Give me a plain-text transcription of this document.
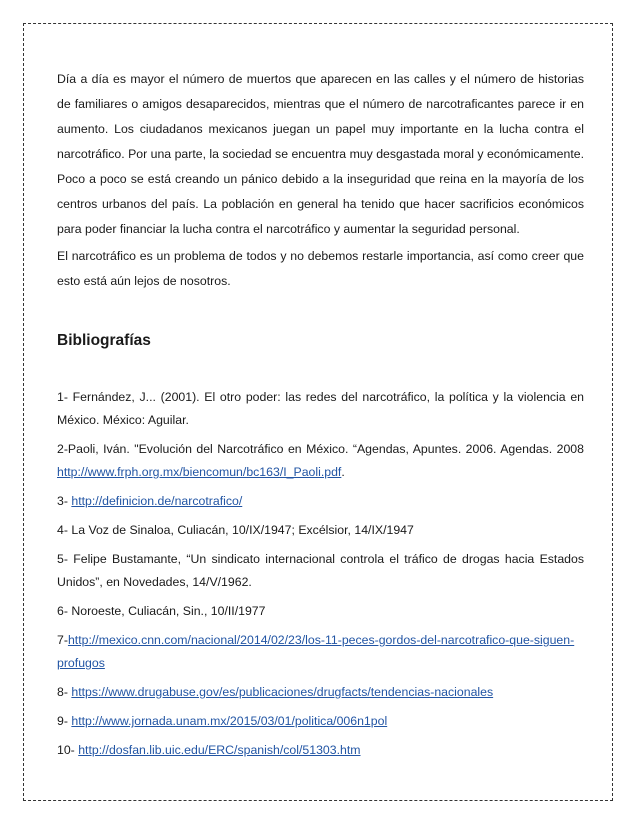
Día a día es mayor el número de muertos que aparecen en las calles y el número de historias de familiares o amigos desaparecidos, mientras que el número de narcotraficantes parece ir en aumento. Los ciudadanos mexicanos juegan un papel muy importante en la lucha contra el narcotráfico. Por una parte, la sociedad se encuentra muy desgastada moral y económicamente. Poco a poco se está creando un pánico debido a la inseguridad que reina en la mayoría de los centros urbanos del país. La población en general ha tenido que hacer sacrificios económicos para poder financiar la lucha contra el narcotráfico y aumentar la seguridad personal.

El narcotráfico es un problema de todos y no debemos restarle importancia, así como creer que esto está aún lejos de nosotros.

Bibliografías

1- Fernández, J... (2001). El otro poder: las redes del narcotráfico, la política y la violencia en México. México: Aguilar.

2-Paoli, Iván. "Evolución del Narcotráfico en México. “Agendas, Apuntes. 2006. Agendas. 2008 http://www.frph.org.mx/biencomun/bc163/I_Paoli.pdf.

3- http://definicion.de/narcotrafico/

4- La Voz de Sinaloa, Culiacán, 10/IX/1947; Excélsior, 14/IX/1947

5- Felipe Bustamante, “Un sindicato internacional controla el tráfico de drogas hacia Estados Unidos”, en Novedades, 14/V/1962.

6- Noroeste, Culiacán, Sin., 10/II/1977

7-http://mexico.cnn.com/nacional/2014/02/23/los-11-peces-gordos-del-narcotrafico-que-siguen-profugos

8- https://www.drugabuse.gov/es/publicaciones/drugfacts/tendencias-nacionales

9- http://www.jornada.unam.mx/2015/03/01/politica/006n1pol

10- http://dosfan.lib.uic.edu/ERC/spanish/col/51303.htm
